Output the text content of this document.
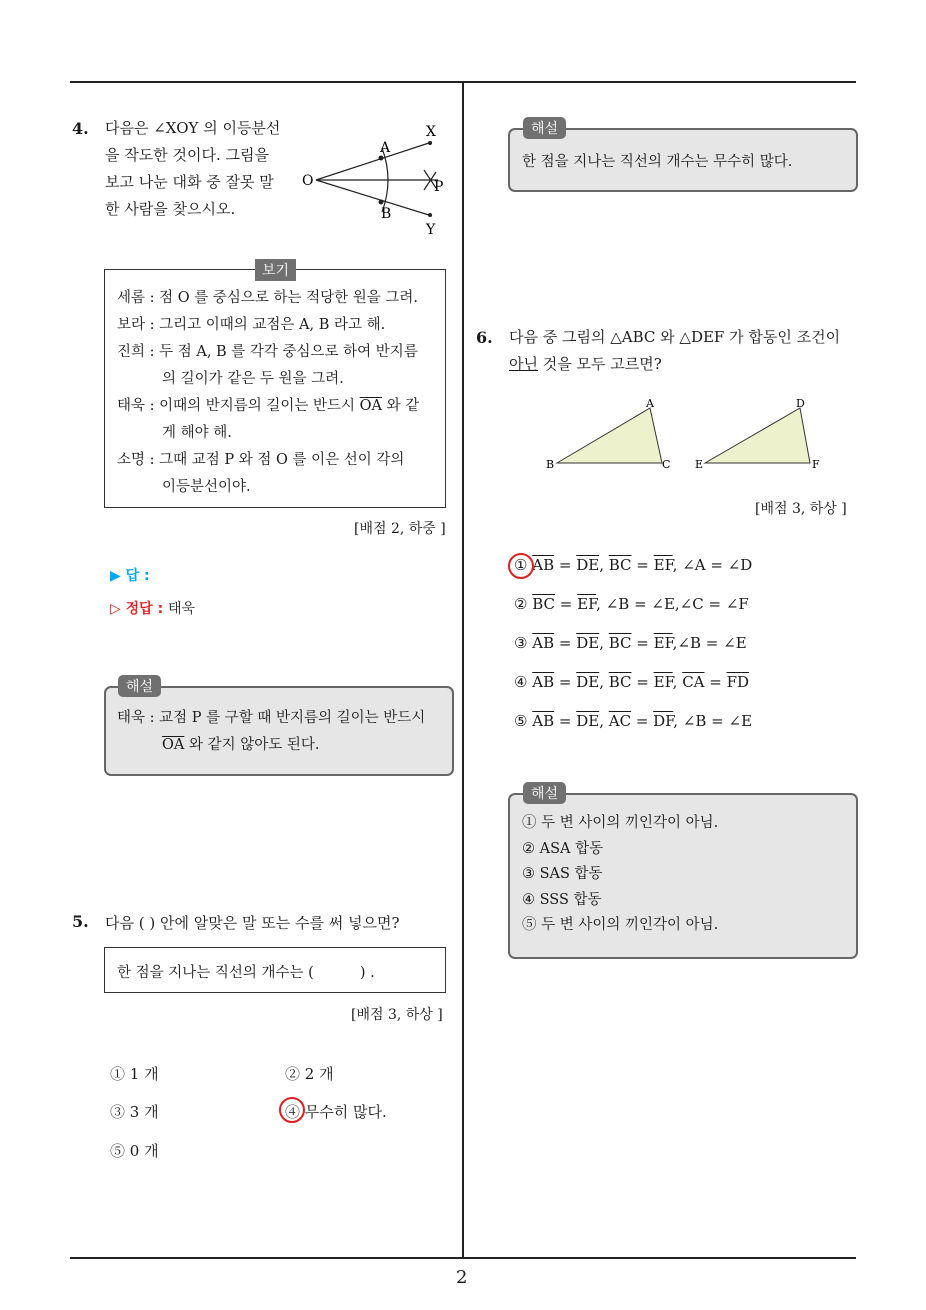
2
4. 다음은 ∠XOY 의 이등분선
을 작도한 것이다. 그림을
보고 나눈 대화 중 잘못 말
한 사람을 찾으시오.
O
A
B
X
Y
P
보기
세롬 : 점 O 를 중심으로 하는 적당한 원을 그려.
보라 : 그리고 이때의 교점은 A, B 라고 해.
진희 : 두 점 A, B 를 각각 중심으로 하여 반지름
의 길이가 같은 두 원을 그려.
태욱 : 이때의 반지름의 길이는 반드시 $\overline{OA}$ 와 같
게 해야 해.
소명 : 그때 교점 P 와 점 O 를 이은 선이 각의
이등분선이야.
[배점 2, 하중 ]
▶ 답 :
▷ 정답 : 태욱
해설
태욱 : 교점 P 를 구할 때 반지름의 길이는 반드시
$\overline{OA}$ 와 같지 않아도 된다.
5. 다음 ( ) 안에 알맞은 말 또는 수를 써 넣으면?
한 점을 지나는 직선의 개수는 (          ) .
[배점 3, 하상 ]
① 1 개	② 2 개
③ 3 개	④ 무수히 많다.
⑤ 0 개
해설
한 점을 지나는 직선의 개수는 무수히 많다.
6. 다음 중 그림의 △ABC 와 △DEF 가 합동인 조건이
아닌 것을 모두 고르면?
B
A
C E
D
F
[배점 3, 하상 ]
① $\overline{AB} = \overline{DE}$, $\overline{BC} = \overline{EF}$, ∠A = ∠D
② $\overline{BC} = \overline{EF}$, ∠B = ∠E,∠C = ∠F
③ $\overline{AB} = \overline{DE}$, $\overline{BC}$ = $\overline{EF},\angle B$ = ∠E
④ $\overline{AB} = \overline{DE}$, $\overline{BC} = \overline{EF}$, $\overline{CA} = \overline{FD}$
⑤ $\overline{AB} = \overline{DE}$, $\overline{AC} = \overline{DF}$, ∠B = ∠E
해설
① 두 변 사이의 끼인각이 아님.
② ASA 합동
③ SAS 합동
④ SSS 합동
⑤ 두 변 사이의 끼인각이 아님.
